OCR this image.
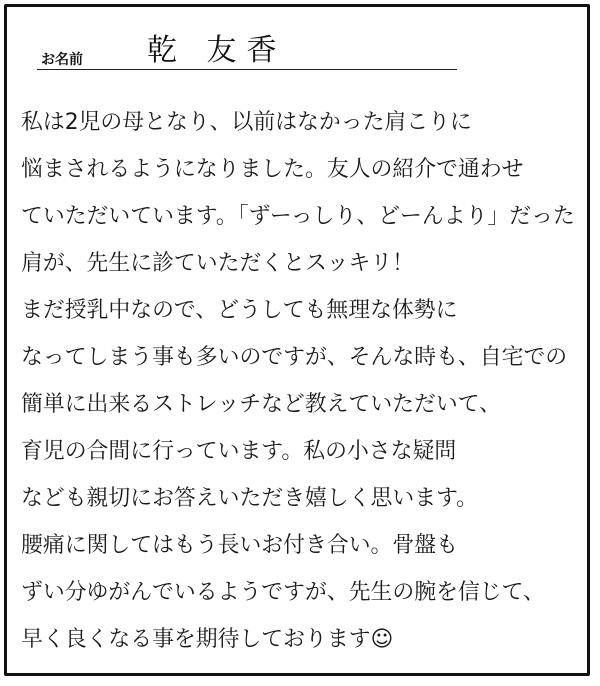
お名前 乾 友香
私は2児の母となり、以前はなかった肩こりに
悩まされるようになりました。友人の紹介で通わせ
ていただいています。「ずーっしり、どーんより」だった
肩が、先生に診ていただくとスッキリ！
まだ授乳中なので、どうしても無理な体勢に
なってしまう事も多いのですが、そんな時も、自宅での
簡単に出来るストレッチなど教えていただいて、
育児の合間に行っています。私の小さな疑問
なども親切にお答えいただき嬉しく思います。
腰痛に関してはもう長いお付き合い。骨盤も
ずい分ゆがんでいるようですが、先生の腕を信じて、
早く良くなる事を期待しております☺
